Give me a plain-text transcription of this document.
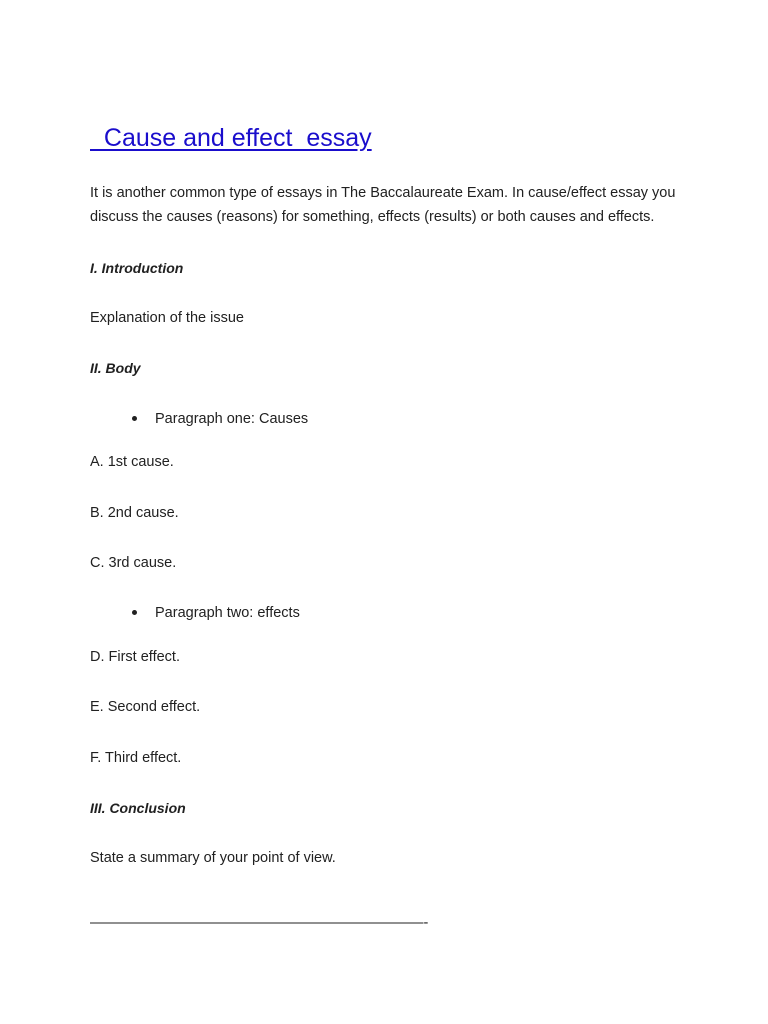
Cause and effect  essay

It is another common type of essays in The Baccalaureate Exam. In cause/effect essay you discuss the causes (reasons) for something, effects (results) or both causes and effects.

I. Introduction

Explanation of the issue

II. Body

Paragraph one: Causes

A. 1st cause.

B. 2nd cause.

C. 3rd cause.

Paragraph two: effects

D. First effect.

E. Second effect.

F. Third effect.

III. Conclusion

State a summary of your point of view.

———————————————————————-
